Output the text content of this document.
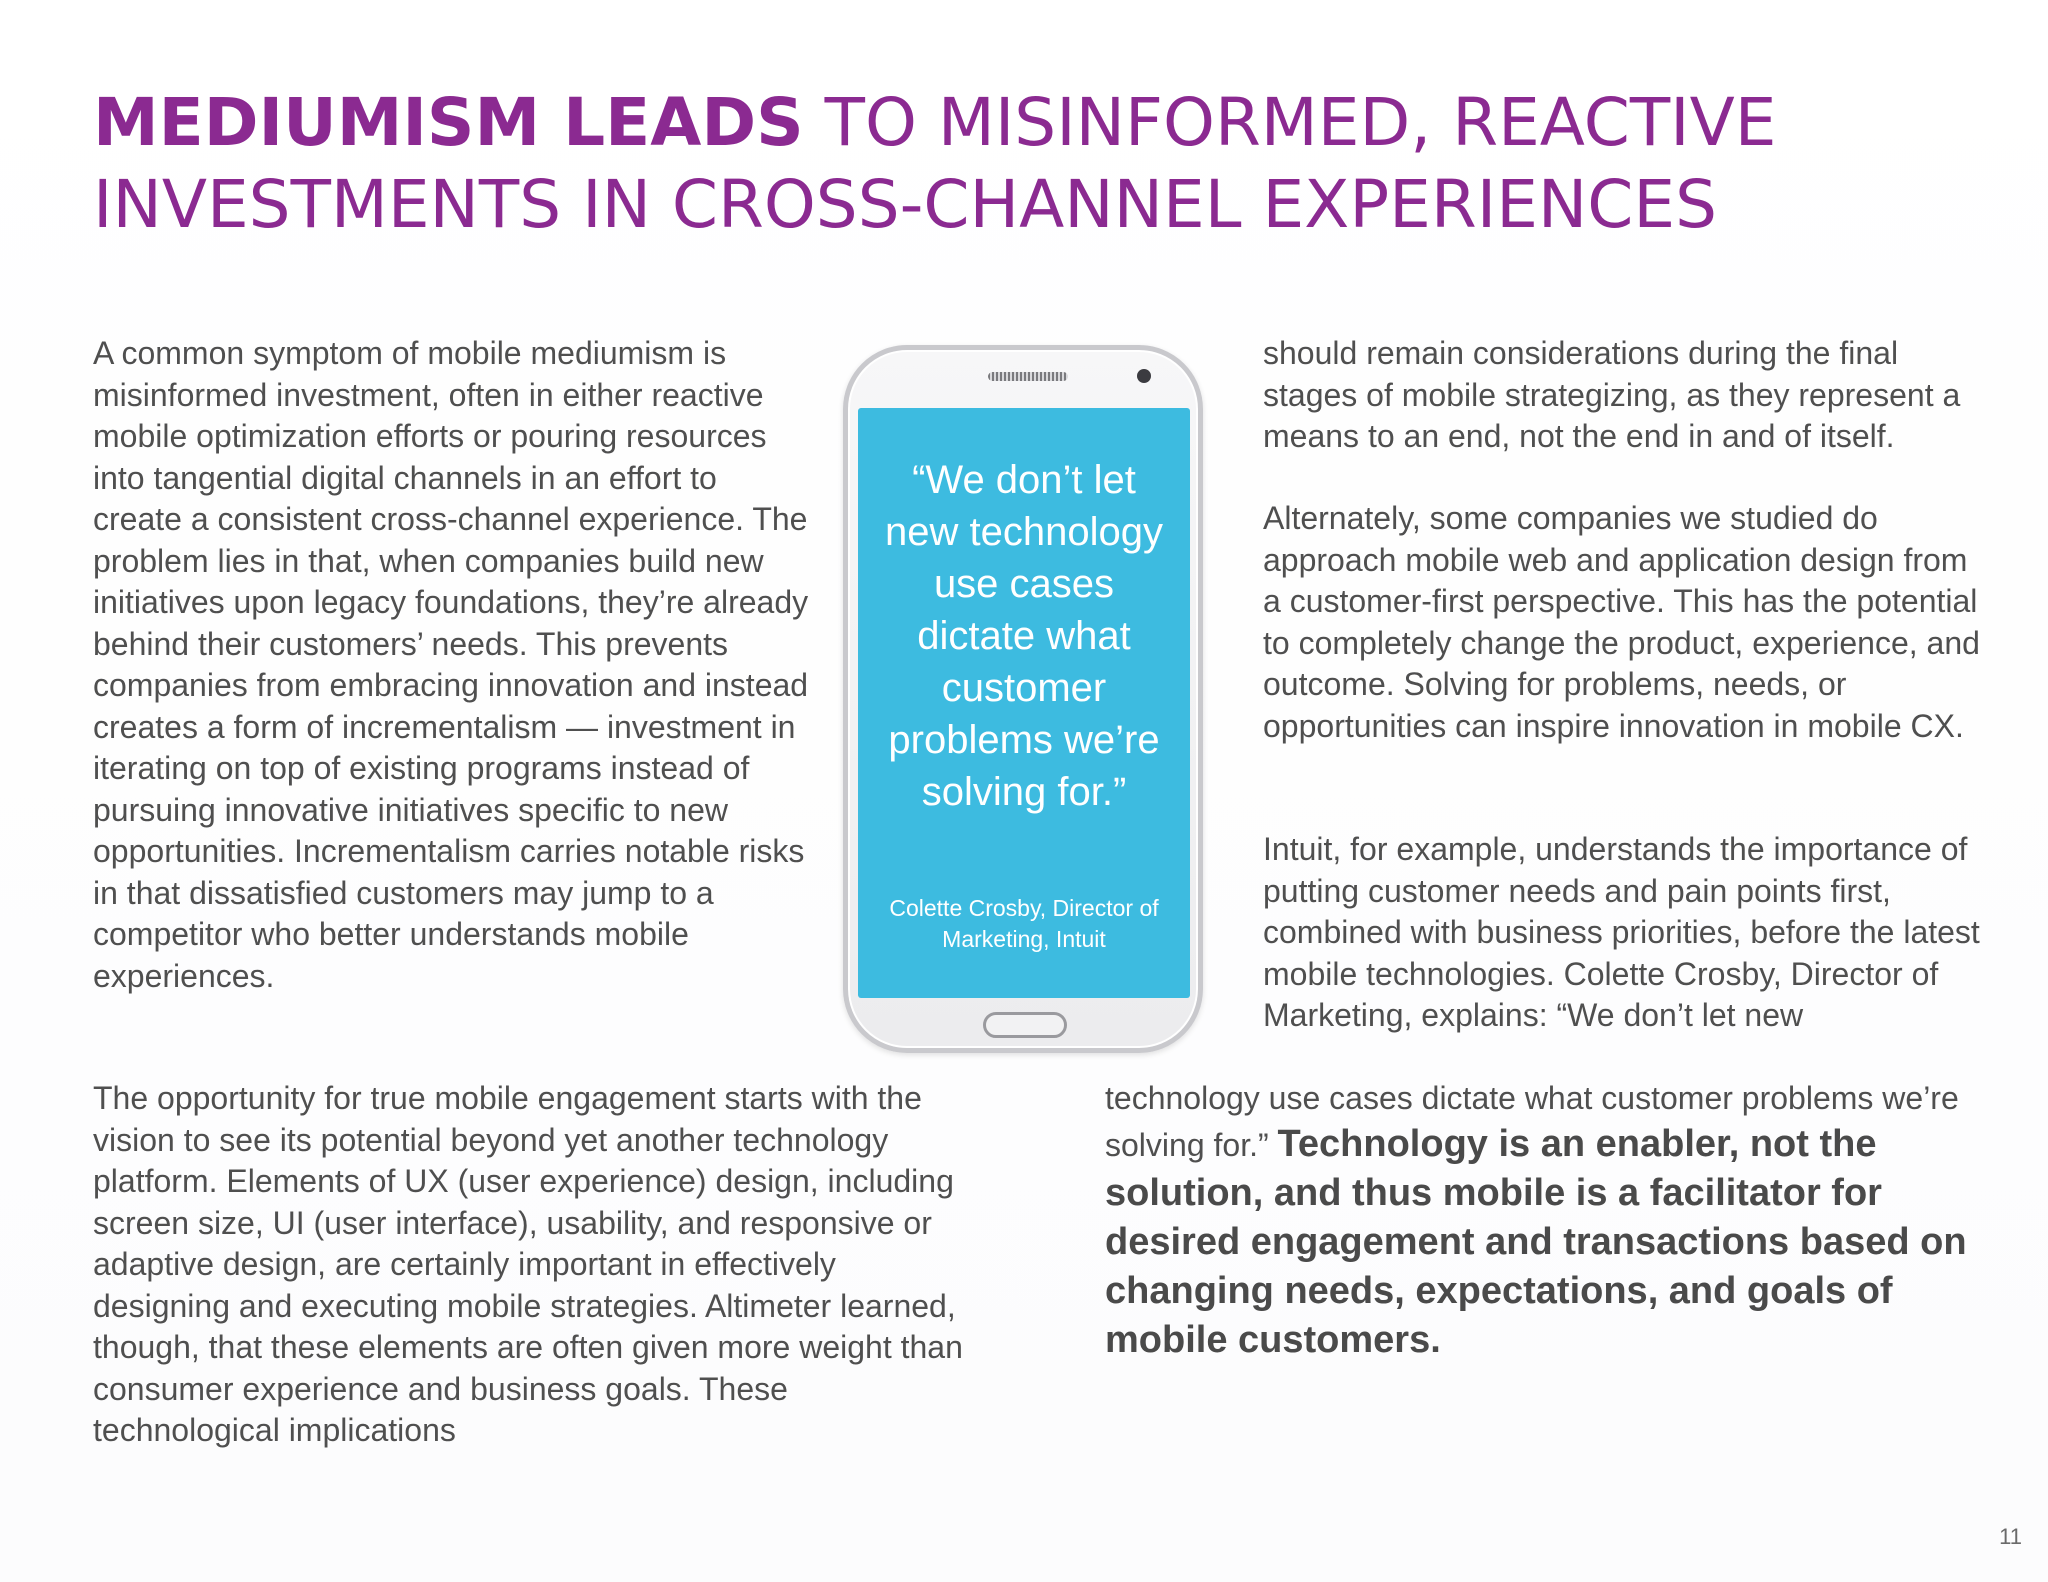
MEDIUMISM LEADS TO MISINFORMED, REACTIVE INVESTMENTS IN CROSS-CHANNEL EXPERIENCES

A common symptom of mobile mediumism is misinformed investment, often in either reactive mobile optimization efforts or pouring resources into tangential digital channels in an effort to create a consistent cross-channel experience. The problem lies in that, when companies build new initiatives upon legacy foundations, they’re already behind their customers’ needs. This prevents companies from embracing innovation and instead creates a form of incrementalism — investment in iterating on top of existing programs instead of pursuing innovative initiatives specific to new opportunities. Incrementalism carries notable risks in that dissatisfied customers may jump to a competitor who better understands mobile experiences.

The opportunity for true mobile engagement starts with the vision to see its potential beyond yet another technology platform. Elements of UX (user experience) design, including screen size, UI (user interface), usability, and responsive or adaptive design, are certainly important in effectively designing and executing mobile strategies. Altimeter learned, though, that these elements are often given more weight than consumer experience and business goals. These technological implications

“We don’t let new technology use cases dictate what customer problems we’re solving for.”

Colette Crosby, Director of Marketing, Intuit

should remain considerations during the final stages of mobile strategizing, as they represent a means to an end, not the end in and of itself.

Alternately, some companies we studied do approach mobile web and application design from a customer-first perspective. This has the potential to completely change the product, experience, and outcome. Solving for problems, needs, or opportunities can inspire innovation in mobile CX.

Intuit, for example, understands the importance of putting customer needs and pain points first, combined with business priorities, before the latest mobile technologies. Colette Crosby, Director of Marketing, explains: “We don’t let new

technology use cases dictate what customer problems we’re solving for.” Technology is an enabler, not the solution, and thus mobile is a facilitator for desired engagement and transactions based on changing needs, expectations, and goals of mobile customers.

11
